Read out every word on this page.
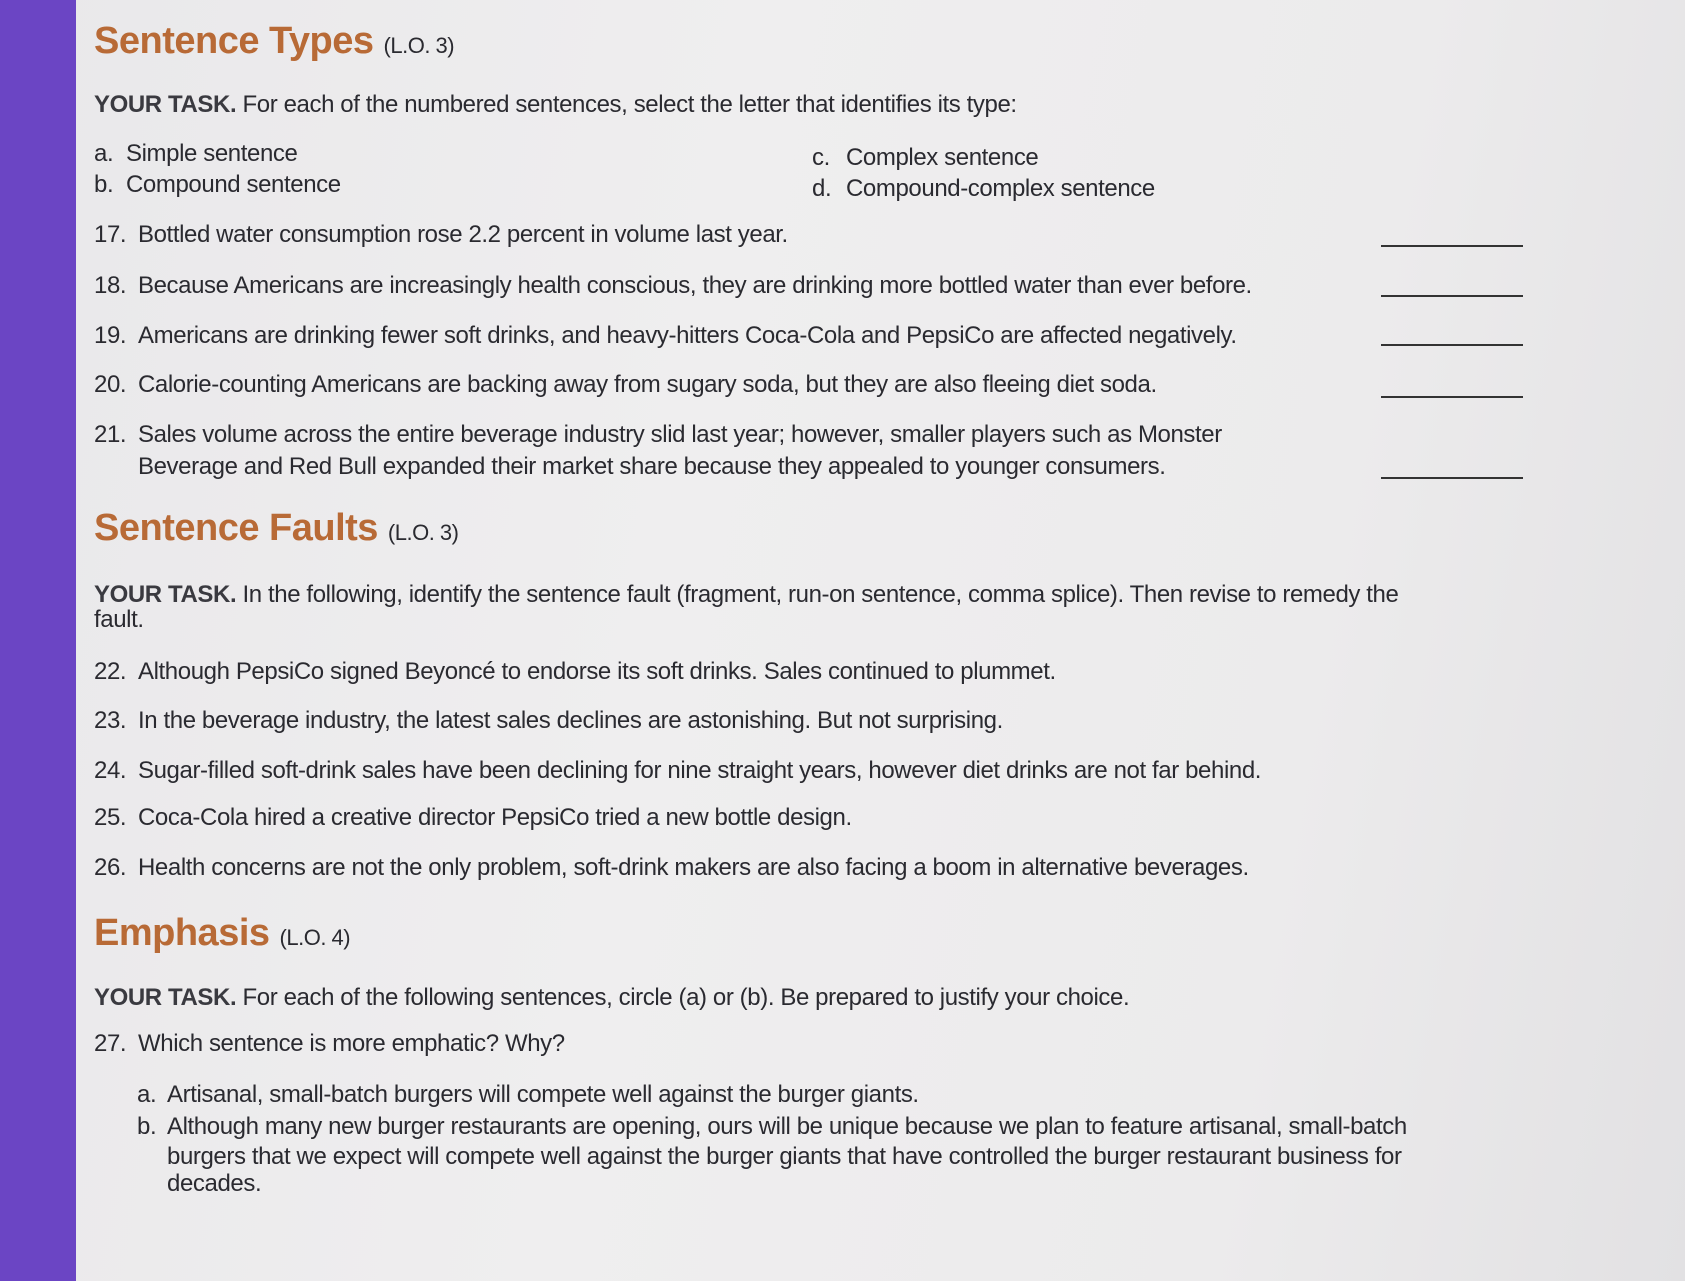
Sentence Types (L.O. 3)
YOUR TASK. For each of the numbered sentences, select the letter that identifies its type:
a. Simple sentence
b. Compound sentence
c. Complex sentence
d. Compound-complex sentence
17. Bottled water consumption rose 2.2 percent in volume last year.
18. Because Americans are increasingly health conscious, they are drinking more bottled water than ever before.
19. Americans are drinking fewer soft drinks, and heavy-hitters Coca-Cola and PepsiCo are affected negatively.
20. Calorie-counting Americans are backing away from sugary soda, but they are also fleeing diet soda.
21. Sales volume across the entire beverage industry slid last year; however, smaller players such as Monster
Beverage and Red Bull expanded their market share because they appealed to younger consumers.
Sentence Faults (L.O. 3)
YOUR TASK. In the following, identify the sentence fault (fragment, run-on sentence, comma splice). Then revise to remedy the
fault.
22. Although PepsiCo signed Beyoncé to endorse its soft drinks. Sales continued to plummet.
23. In the beverage industry, the latest sales declines are astonishing. But not surprising.
24. Sugar-filled soft-drink sales have been declining for nine straight years, however diet drinks are not far behind.
25. Coca-Cola hired a creative director PepsiCo tried a new bottle design.
26. Health concerns are not the only problem, soft-drink makers are also facing a boom in alternative beverages.
Emphasis (L.O. 4)
YOUR TASK. For each of the following sentences, circle (a) or (b). Be prepared to justify your choice.
27. Which sentence is more emphatic? Why?
a. Artisanal, small-batch burgers will compete well against the burger giants.
b. Although many new burger restaurants are opening, ours will be unique because we plan to feature artisanal, small-batch
burgers that we expect will compete well against the burger giants that have controlled the burger restaurant business for
decades.
